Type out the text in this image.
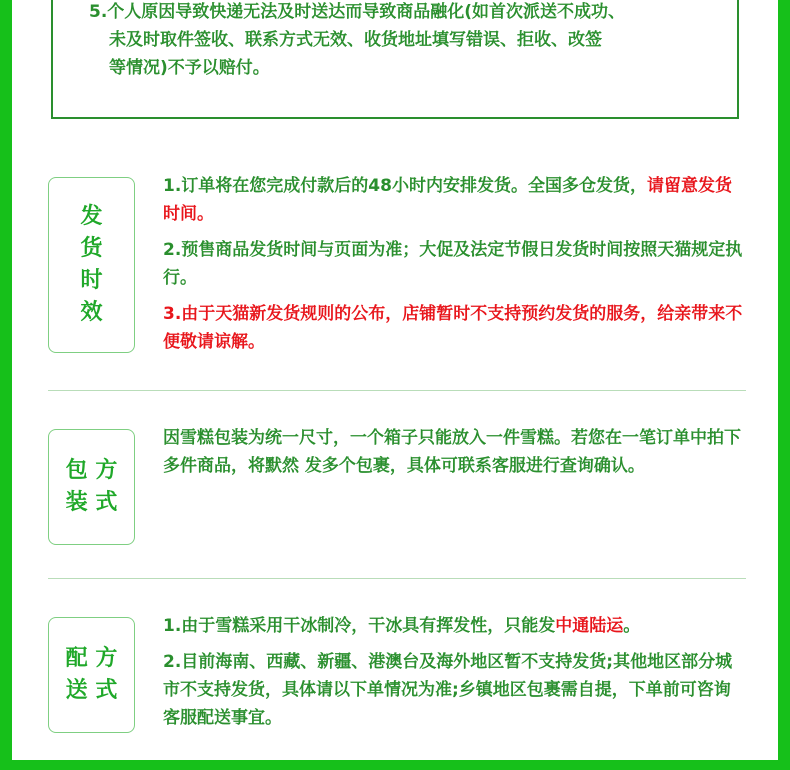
5.个人原因导致快递无法及时送达而导致商品融化(如首次派送不成功、
未及时取件签收、联系方式无效、收货地址填写错误、拒收、改签
等情况)不予以赔付。
发
货
时
效
1.订单将在您完成付款后的48小时内安排发货。全国多仓发货，请留意发货时间。
2.预售商品发货时间与页面为准；大促及法定节假日发货时间按照天猫规定执行。
3.由于天猫新发货规则的公布，店铺暂时不支持预约发货的服务，给亲带来不便敬请谅解。
包 方
装 式
因雪糕包装为统一尺寸，一个箱子只能放入一件雪糕。若您在一笔订单中拍下多件商品，将默然 发多个包裹，具体可联系客服进行查询确认。
配 方
送 式
1.由于雪糕采用干冰制冷，干冰具有挥发性，只能发中通陆运。
2.目前海南、西藏、新疆、港澳台及海外地区暂不支持发货;其他地区部分城市不支持发货，具体请以下单情况为准;乡镇地区包裹需自提，下单前可咨询客服配送事宜。
